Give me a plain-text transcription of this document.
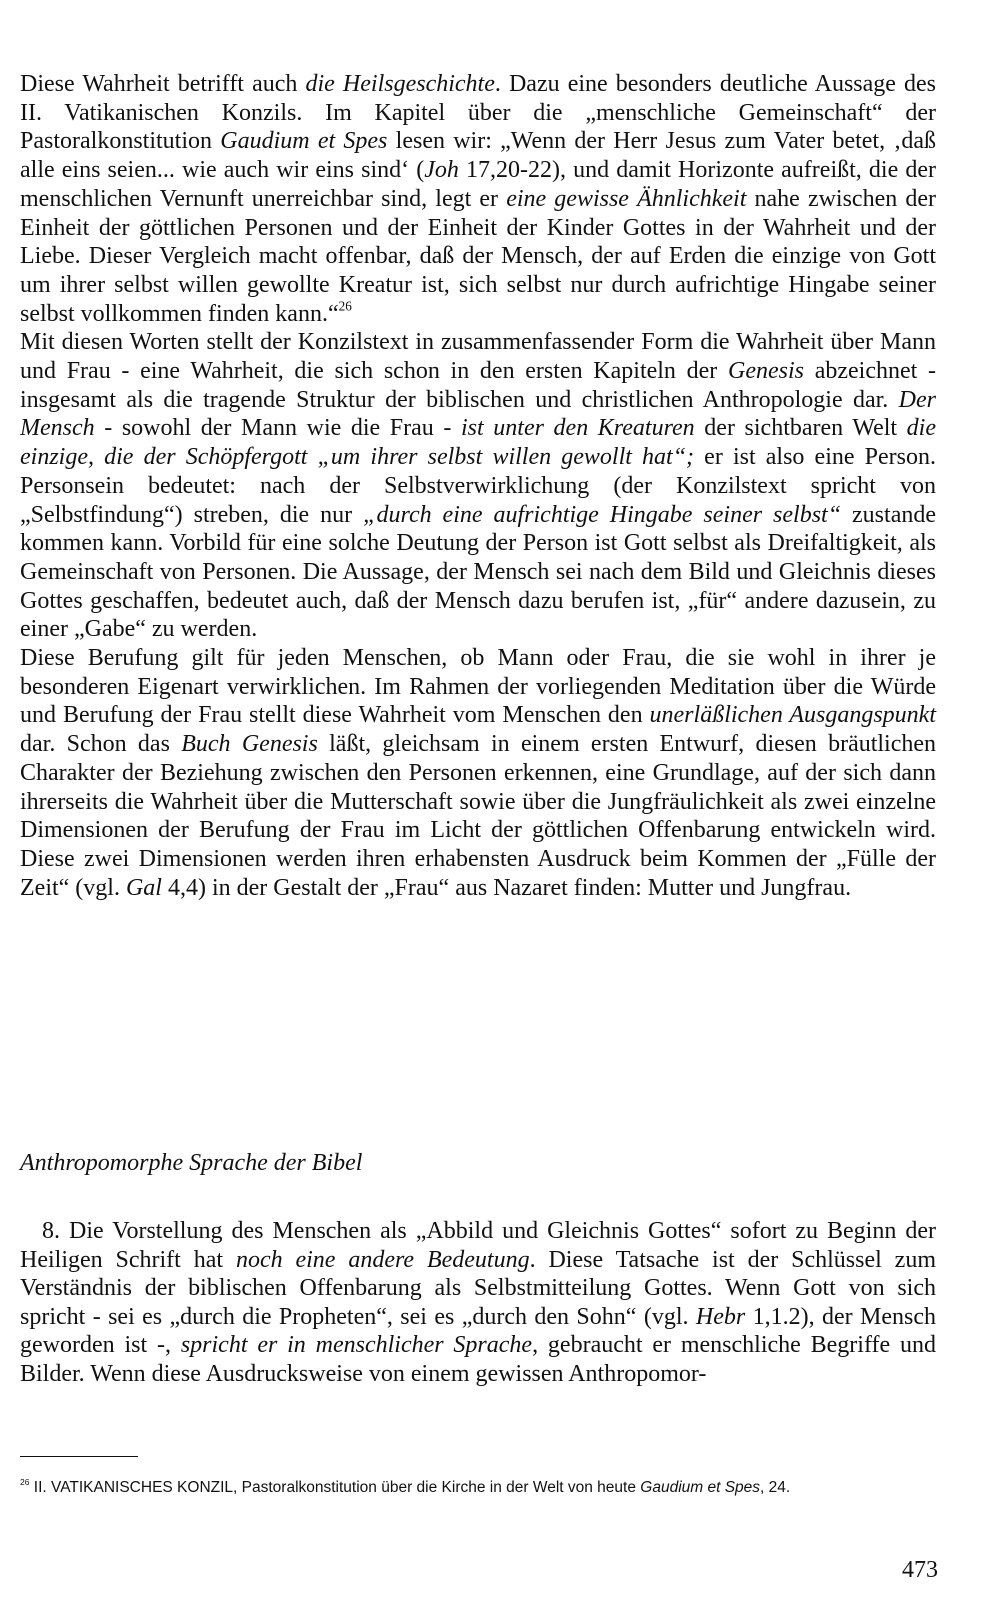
Diese Wahrheit betrifft auch die Heilsgeschichte. Dazu eine besonders deutliche Aussage des II. Vatikanischen Konzils. Im Kapitel über die „menschliche Gemeinschaft“ der Pastoralkonstitution Gaudium et Spes lesen wir: „Wenn der Herr Jesus zum Vater betet, ‚daß alle eins seien... wie auch wir eins sind‘ (Joh 17,20-22), und damit Horizonte aufreißt, die der menschlichen Vernunft unerreichbar sind, legt er eine gewisse Ähnlichkeit nahe zwischen der Einheit der göttlichen Personen und der Einheit der Kinder Gottes in der Wahrheit und der Liebe. Dieser Vergleich macht offenbar, daß der Mensch, der auf Erden die einzige von Gott um ihrer selbst willen gewollte Kreatur ist, sich selbst nur durch aufrichtige Hingabe seiner selbst vollkommen finden kann.“$^{26}$

Mit diesen Worten stellt der Konzilstext in zusammenfassender Form die Wahrheit über Mann und Frau - eine Wahrheit, die sich schon in den ersten Kapiteln der Genesis abzeichnet - insgesamt als die tragende Struktur der biblischen und christlichen Anthropologie dar. Der Mensch - sowohl der Mann wie die Frau - ist unter den Kreaturen der sichtbaren Welt die einzige, die der Schöpfergott „um ihrer selbst willen gewollt hat“; er ist also eine Person. Personsein bedeutet: nach der Selbstverwirklichung (der Konzilstext spricht von „Selbstfindung“) streben, die nur „durch eine aufrichtige Hingabe seiner selbst“ zustande kommen kann. Vorbild für eine solche Deutung der Person ist Gott selbst als Dreifaltigkeit, als Gemeinschaft von Personen. Die Aussage, der Mensch sei nach dem Bild und Gleichnis dieses Gottes geschaffen, bedeutet auch, daß der Mensch dazu berufen ist, „für“ andere dazusein, zu einer „Gabe“ zu werden.

Diese Berufung gilt für jeden Menschen, ob Mann oder Frau, die sie wohl in ihrer je besonderen Eigenart verwirklichen. Im Rahmen der vorliegenden Meditation über die Würde und Berufung der Frau stellt diese Wahrheit vom Menschen den unerläßlichen Ausgangspunkt dar. Schon das Buch Genesis läßt, gleichsam in einem ersten Entwurf, diesen bräutlichen Charakter der Beziehung zwischen den Personen erkennen, eine Grundlage, auf der sich dann ihrerseits die Wahrheit über die Mutterschaft sowie über die Jungfräulichkeit als zwei einzelne Dimensionen der Berufung der Frau im Licht der göttlichen Offenbarung entwickeln wird. Diese zwei Dimensionen werden ihren erhabensten Ausdruck beim Kommen der „Fülle der Zeit“ (vgl. Gal 4,4) in der Gestalt der „Frau“ aus Nazaret finden: Mutter und Jungfrau.

Anthropomorphe Sprache der Bibel

8. Die Vorstellung des Menschen als „Abbild und Gleichnis Gottes“ sofort zu Beginn der Heiligen Schrift hat noch eine andere Bedeutung. Diese Tatsache ist der Schlüssel zum Verständnis der biblischen Offenbarung als Selbstmitteilung Gottes. Wenn Gott von sich spricht - sei es „durch die Propheten“, sei es „durch den Sohn“ (vgl. Hebr 1,1.2), der Mensch geworden ist -, spricht er in menschlicher Sprache, gebraucht er menschliche Begriffe und Bilder. Wenn diese Ausdrucksweise von einem gewissen Anthropomor-

$^{26}$ II. VATIKANISCHES KONZIL, Pastoralkonstitution über die Kirche in der Welt von heute Gaudium et Spes, 24.
473
